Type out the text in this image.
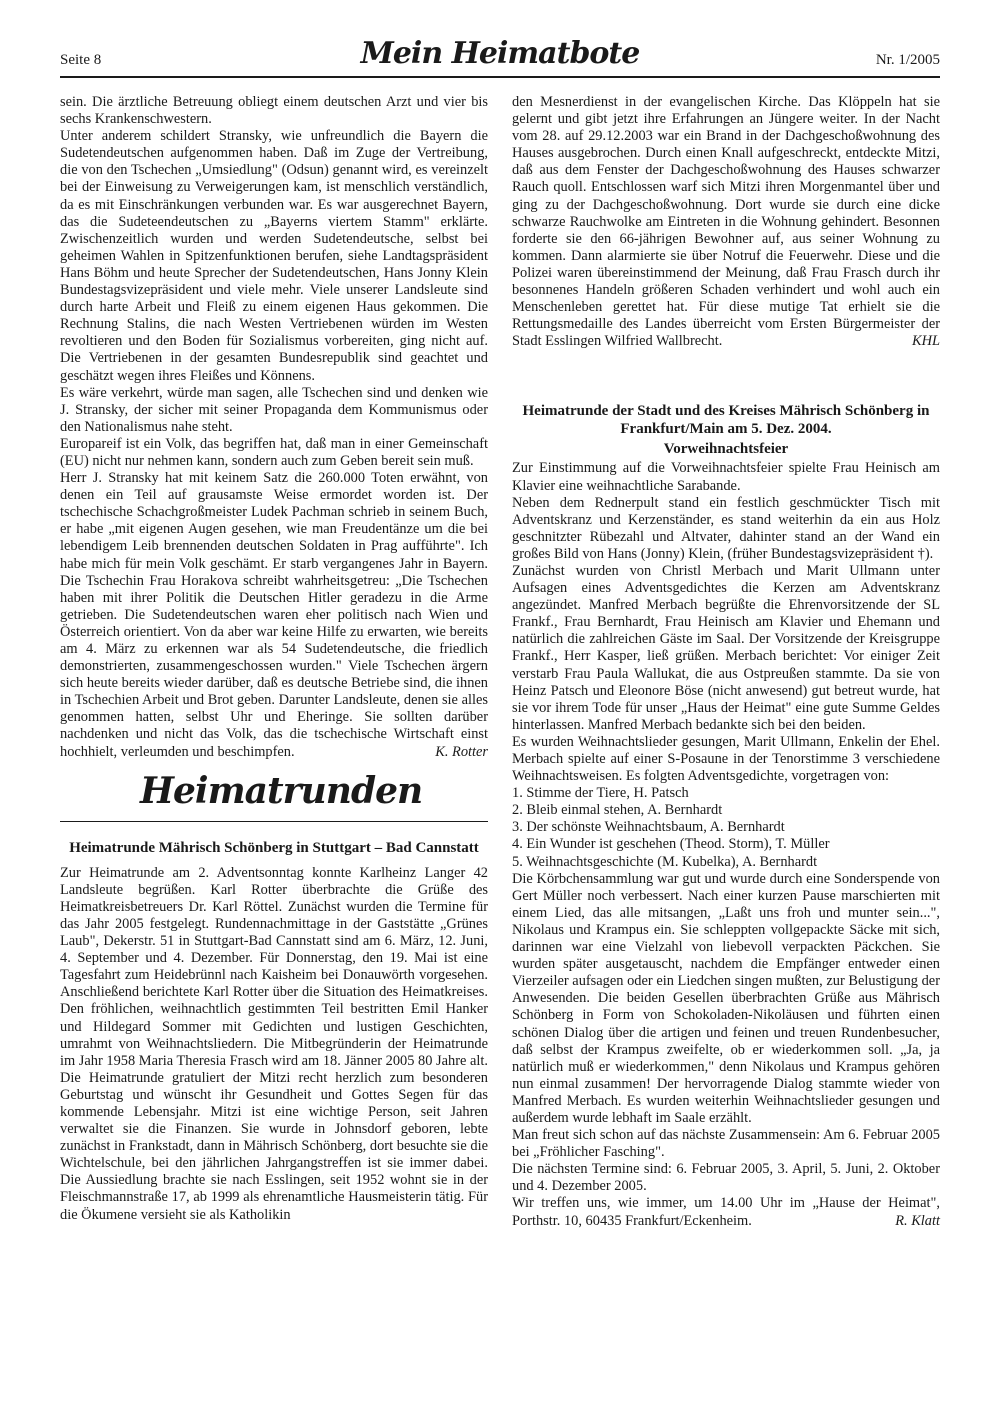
Seite 8	Mein Heimatbote	Nr. 1/2005

sein. Die ärztliche Betreuung obliegt einem deutschen Arzt und vier bis sechs Krankenschwestern.

Unter anderem schildert Stransky, wie unfreundlich die Bayern die Sudetendeutschen aufgenommen haben. Daß im Zuge der Vertreibung, die von den Tschechen „Umsiedlung" (Odsun) genannt wird, es vereinzelt bei der Einweisung zu Verweigerungen kam, ist menschlich verständlich, da es mit Einschränkungen verbunden war. Es war ausgerechnet Bayern, das die Sudeteendeutschen zu „Bayerns viertem Stamm" erklärte. Zwischenzeitlich wurden und werden Sudetendeutsche, selbst bei geheimen Wahlen in Spitzenfunktionen berufen, siehe Landtagspräsident Hans Böhm und heute Sprecher der Sudetendeutschen, Hans Jonny Klein Bundestagsvizepräsident und viele mehr. Viele unserer Landsleute sind durch harte Arbeit und Fleiß zu einem eigenen Haus gekommen. Die Rechnung Stalins, die nach Westen Vertriebenen würden im Westen revoltieren und den Boden für Sozialismus vorbereiten, ging nicht auf. Die Vertriebenen in der gesamten Bundesrepublik sind geachtet und geschätzt wegen ihres Fleißes und Könnens.

Es wäre verkehrt, würde man sagen, alle Tschechen sind und denken wie J. Stransky, der sicher mit seiner Propaganda dem Kommunismus oder den Nationalismus nahe steht.

Europareif ist ein Volk, das begriffen hat, daß man in einer Gemeinschaft (EU) nicht nur nehmen kann, sondern auch zum Geben bereit sein muß.

Herr J. Stransky hat mit keinem Satz die 260.000 Toten erwähnt, von denen ein Teil auf grausamste Weise ermordet worden ist. Der tschechische Schachgroßmeister Ludek Pachman schrieb in seinem Buch, er habe „mit eigenen Augen gesehen, wie man Freudentänze um die bei lebendigem Leib brennenden deutschen Soldaten in Prag aufführte". Ich habe mich für mein Volk geschämt. Er starb vergangenes Jahr in Bayern. Die Tschechin Frau Horakova schreibt wahrheitsgetreu: „Die Tschechen haben mit ihrer Politik die Deutschen Hitler geradezu in die Arme getrieben. Die Sudetendeutschen waren eher politisch nach Wien und Österreich orientiert. Von da aber war keine Hilfe zu erwarten, wie bereits am 4. März zu erkennen war als 54 Sudetendeutsche, die friedlich demonstrierten, zusammengeschossen wurden." Viele Tschechen ärgern sich heute bereits wieder darüber, daß es deutsche Betriebe sind, die ihnen in Tschechien Arbeit und Brot geben. Darunter Landsleute, denen sie alles genommen hatten, selbst Uhr und Eheringe. Sie sollten darüber nachdenken und nicht das Volk, das die tschechische Wirtschaft einst hochhielt, verleumden und beschimpfen.	K. Rotter

Heimatrunden

Heimatrunde Mährisch Schönberg in Stuttgart – Bad Cannstatt

Zur Heimatrunde am 2. Adventsonntag konnte Karlheinz Langer 42 Landsleute begrüßen. Karl Rotter überbrachte die Grüße des Heimatkreisbetreuers Dr. Karl Röttel. Zunächst wurden die Termine für das Jahr 2005 festgelegt. Rundennachmittage in der Gaststätte „Grünes Laub", Dekerstr. 51 in Stuttgart-Bad Cannstatt sind am 6. März, 12. Juni, 4. September und 4. Dezember. Für Donnerstag, den 19. Mai ist eine Tagesfahrt zum Heidebrünnl nach Kaisheim bei Donauwörth vorgesehen. Anschließend berichtete Karl Rotter über die Situation des Heimatkreises. Den fröhlichen, weihnachtlich gestimmten Teil bestritten Emil Hanker und Hildegard Sommer mit Gedichten und lustigen Geschichten, umrahmt von Weihnachtsliedern. Die Mitbegründerin der Heimatrunde im Jahr 1958 Maria Theresia Frasch wird am 18. Jänner 2005 80 Jahre alt. Die Heimatrunde gratuliert der Mitzi recht herzlich zum besonderen Geburtstag und wünscht ihr Gesundheit und Gottes Segen für das kommende Lebensjahr. Mitzi ist eine wichtige Person, seit Jahren verwaltet sie die Finanzen. Sie wurde in Johnsdorf geboren, lebte zunächst in Frankstadt, dann in Mährisch Schönberg, dort besuchte sie die Wichtelschule, bei den jährlichen Jahrgangstreffen ist sie immer dabei. Die Aussiedlung brachte sie nach Esslingen, seit 1952 wohnt sie in der Fleischmannstraße 17, ab 1999 als ehrenamtliche Hausmeisterin tätig. Für die Ökumene versieht sie als Katholikin

den Mesnerdienst in der evangelischen Kirche. Das Klöppeln hat sie gelernt und gibt jetzt ihre Erfahrungen an Jüngere weiter. In der Nacht vom 28. auf 29.12.2003 war ein Brand in der Dachgeschoßwohnung des Hauses ausgebrochen. Durch einen Knall aufgeschreckt, entdeckte Mitzi, daß aus dem Fenster der Dachgeschoßwohnung des Hauses schwarzer Rauch quoll. Entschlossen warf sich Mitzi ihren Morgenmantel über und ging zu der Dachgeschoßwohnung. Dort wurde sie durch eine dicke schwarze Rauchwolke am Eintreten in die Wohnung gehindert. Besonnen forderte sie den 66-jährigen Bewohner auf, aus seiner Wohnung zu kommen. Dann alarmierte sie über Notruf die Feuerwehr. Diese und die Polizei waren übereinstimmend der Meinung, daß Frau Frasch durch ihr besonnenes Handeln größeren Schaden verhindert und wohl auch ein Menschenleben gerettet hat. Für diese mutige Tat erhielt sie die Rettungsmedaille des Landes überreicht vom Ersten Bürgermeister der Stadt Esslingen Wilfried Wallbrecht.	KHL

Heimatrunde der Stadt und des Kreises Mährisch Schönberg in Frankfurt/Main am 5. Dez. 2004.

Vorweihnachtsfeier

Zur Einstimmung auf die Vorweihnachtsfeier spielte Frau Heinisch am Klavier eine weihnachtliche Sarabande.

Neben dem Rednerpult stand ein festlich geschmückter Tisch mit Adventskranz und Kerzenständer, es stand weiterhin da ein aus Holz geschnitzter Rübezahl und Altvater, dahinter stand an der Wand ein großes Bild von Hans (Jonny) Klein, (früher Bundestagsvizepräsident †).

Zunächst wurden von Christl Merbach und Marit Ullmann unter Aufsagen eines Adventsgedichtes die Kerzen am Adventskranz angezündet. Manfred Merbach begrüßte die Ehrenvorsitzende der SL Frankf., Frau Bernhardt, Frau Heinisch am Klavier und Ehemann und natürlich die zahlreichen Gäste im Saal. Der Vorsitzende der Kreisgruppe Frankf., Herr Kasper, ließ grüßen. Merbach berichtet: Vor einiger Zeit verstarb Frau Paula Wallukat, die aus Ostpreußen stammte. Da sie von Heinz Patsch und Eleonore Böse (nicht anwesend) gut betreut wurde, hat sie vor ihrem Tode für unser „Haus der Heimat" eine gute Summe Geldes hinterlassen. Manfred Merbach bedankte sich bei den beiden.

Es wurden Weihnachtslieder gesungen, Marit Ullmann, Enkelin der Ehel. Merbach spielte auf einer S-Posaune in der Tenorstimme 3 verschiedene Weihnachtsweisen. Es folgten Adventsgedichte, vorgetragen von:

1. Stimme der Tiere, H. Patsch

2. Bleib einmal stehen, A. Bernhardt

3. Der schönste Weihnachtsbaum, A. Bernhardt

4. Ein Wunder ist geschehen (Theod. Storm), T. Müller

5. Weihnachtsgeschichte (M. Kubelka), A. Bernhardt

Die Körbchensammlung war gut und wurde durch eine Sonderspende von Gert Müller noch verbessert. Nach einer kurzen Pause marschierten mit einem Lied, das alle mitsangen, „Laßt uns froh und munter sein...", Nikolaus und Krampus ein. Sie schleppten vollgepackte Säcke mit sich, darinnen war eine Vielzahl von liebevoll verpackten Päckchen. Sie wurden später ausgetauscht, nachdem die Empfänger entweder einen Vierzeiler aufsagen oder ein Liedchen singen mußten, zur Belustigung der Anwesenden. Die beiden Gesellen überbrachten Grüße aus Mährisch Schönberg in Form von Schokoladen-Nikoläusen und führten einen schönen Dialog über die artigen und feinen und treuen Rundenbesucher, daß selbst der Krampus zweifelte, ob er wiederkommen soll. „Ja, ja natürlich muß er wiederkommen," denn Nikolaus und Krampus gehören nun einmal zusammen! Der hervorragende Dialog stammte wieder von Manfred Merbach. Es wurden weiterhin Weihnachtslieder gesungen und außerdem wurde lebhaft im Saale erzählt.

Man freut sich schon auf das nächste Zusammensein: Am 6. Februar 2005 bei „Fröhlicher Fasching".

Die nächsten Termine sind: 6. Februar 2005, 3. April, 5. Juni, 2. Oktober und 4. Dezember 2005.

Wir treffen uns, wie immer, um 14.00 Uhr im „Hause der Heimat", Porthstr. 10, 60435 Frankfurt/Eckenheim.	R. Klatt
